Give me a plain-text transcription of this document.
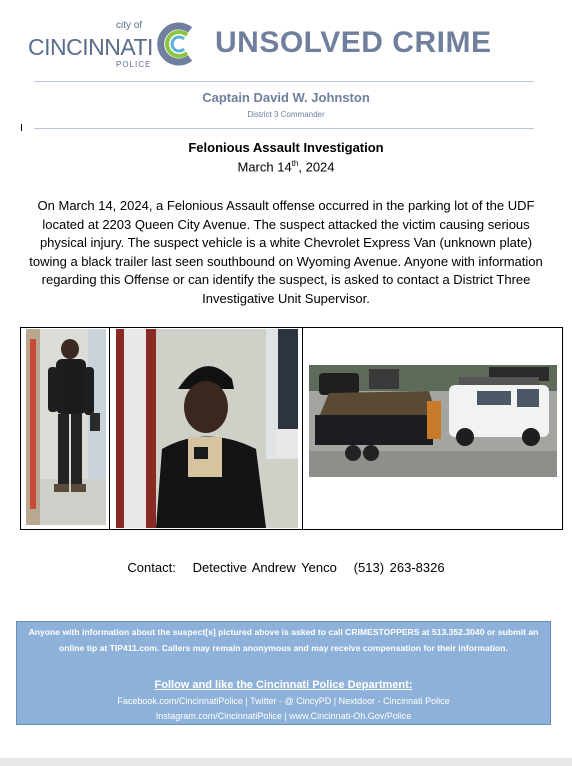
city of
CINCINNATI
POLICE
UNSOLVED CRIME
Captain David W. Johnston
District 3 Commander
Felonious Assault Investigation
March 14th, 2024
On March 14, 2024, a Felonious Assault offense occurred in the parking lot of the UDF located at 2203 Queen City Avenue. The suspect attacked the victim causing serious physical injury. The suspect vehicle is a white Chevrolet Express Van (unknown plate) towing a black trailer last seen southbound on Wyoming Avenue. Anyone with information regarding this Offense or can identify the suspect, is asked to contact a District Three Investigative Unit Supervisor.
Contact:   Detective Andrew Yenco   (513) 263-8326
Anyone with information about the suspect[s] pictured above is asked to call CRIMESTOPPERS at 513.352.3040 or submit an online tip at TIP411.com. Callers may remain anonymous and may receive compensation for their information.
Follow and like the Cincinnati Police Department:
Facebook.com/CincinnatiPolice | Twitter - @ CincyPD | Nextdoor - Cincinnati Police
Instagram.com/CincinnatiPolice | www.Cincinnati-Oh.Gov/Police
